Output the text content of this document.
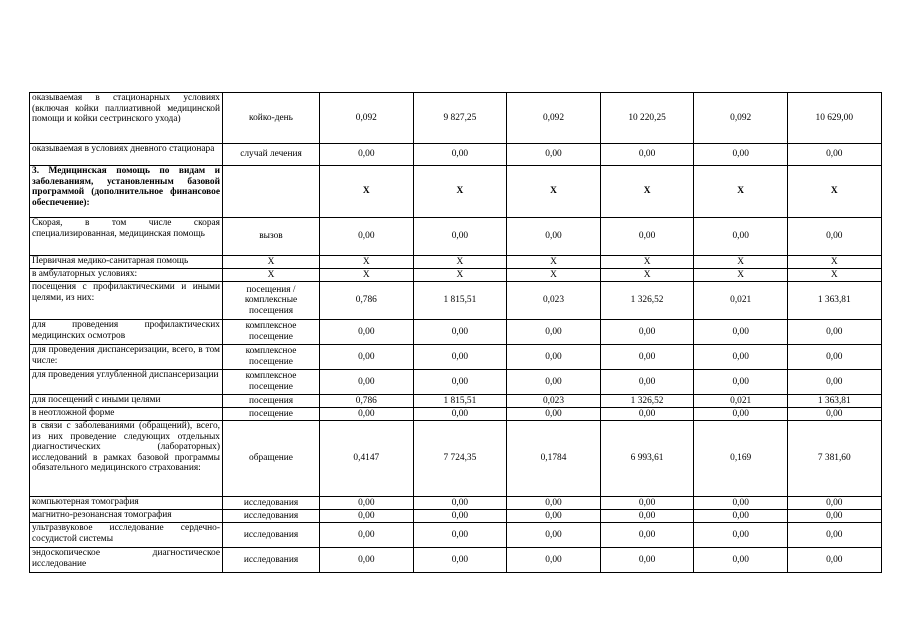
оказываемая в стационарных условиях (включая койки паллиативной медицинской помощи и койки сестринского ухода)	койко-день	0,092	9 827,25	0,092	10 220,25	0,092	10 629,00
оказываемая в условиях дневного стационара	случай лечения	0,00	0,00	0,00	0,00	0,00	0,00
3. Медицинская помощь по видам и заболеваниям, установленным базовой программой (дополнительное финансовое обеспечение):		Х	Х	Х	Х	Х	Х
Скорая, в том числе скорая специализированная, медицинская помощь	вызов	0,00	0,00	0,00	0,00	0,00	0,00
Первичная медико-санитарная помощь	Х	Х	Х	Х	Х	Х	Х
в амбулаторных условиях:	Х	Х	Х	Х	Х	Х	Х
посещения с профилактическими и иными целями, из них:	посещения / комплексные посещения	0,786	1 815,51	0,023	1 326,52	0,021	1 363,81
для проведения профилактических медицинских осмотров	комплексное посещение	0,00	0,00	0,00	0,00	0,00	0,00
для проведения диспансеризации, всего, в том числе:	комплексное посещение	0,00	0,00	0,00	0,00	0,00	0,00
для проведения углубленной диспансеризации	комплексное посещение	0,00	0,00	0,00	0,00	0,00	0,00
для посещений с иными целями	посещения	0,786	1 815,51	0,023	1 326,52	0,021	1 363,81
в неотложной форме	посещение	0,00	0,00	0,00	0,00	0,00	0,00
в связи с заболеваниями (обращений), всего, из них проведение следующих отдельных диагностических (лабораторных) исследований в рамках базовой программы обязательного медицинского страхования:	обращение	0,4147	7 724,35	0,1784	6 993,61	0,169	7 381,60
компьютерная томография	исследования	0,00	0,00	0,00	0,00	0,00	0,00
магнитно-резонансная томография	исследования	0,00	0,00	0,00	0,00	0,00	0,00
ультразвуковое исследование сердечно-сосудистой системы	исследования	0,00	0,00	0,00	0,00	0,00	0,00
эндоскопическое диагностическое исследование	исследования	0,00	0,00	0,00	0,00	0,00	0,00
